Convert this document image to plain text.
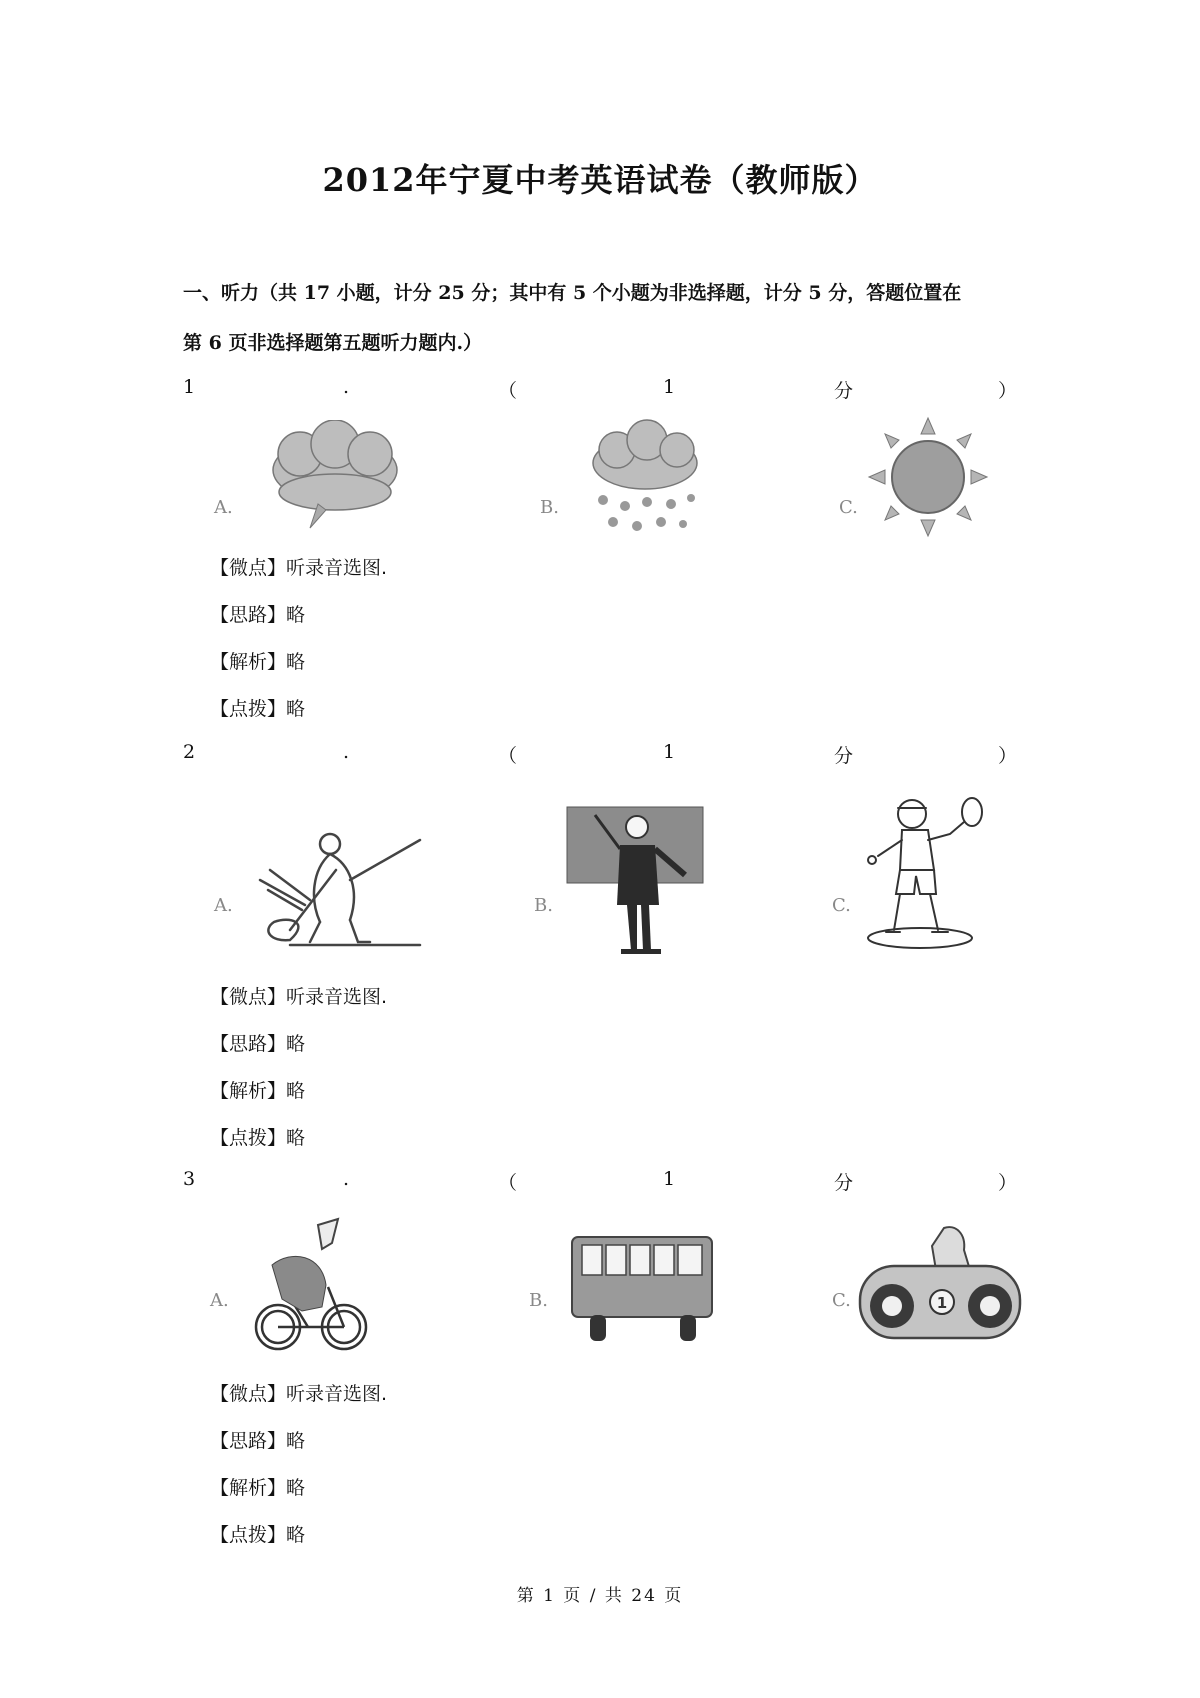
2012年宁夏中考英语试卷（教师版）
一、听力（共 17 小题，计分 25 分；其中有 5 个小题为非选择题，计分 5 分，答题位置在
第 6 页非选择题第五题听力题内.）
1	.	（	1	分	）
A.	B.	C.
【微点】听录音选图.
【思路】略
【解析】略
【点拨】略
2	.	（	1	分	）
A.	B.	C.
【微点】听录音选图.
【思路】略
【解析】略
【点拨】略
3	.	（	1	分	）
A.	B.	C.	1
【微点】听录音选图.
【思路】略
【解析】略
【点拨】略
第 1 页 / 共 24 页
